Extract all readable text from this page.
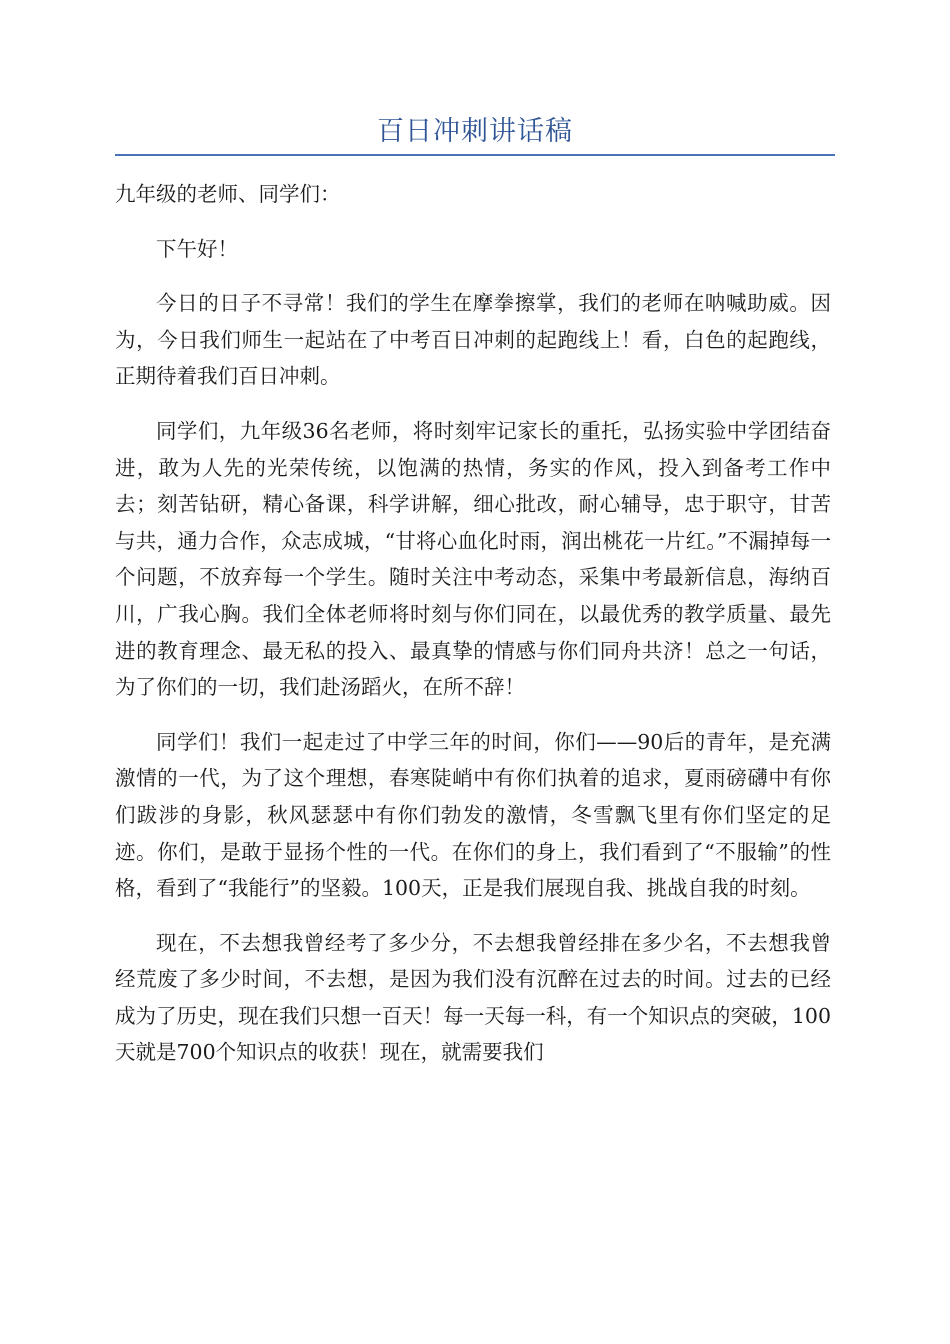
百日冲刺讲话稿

九年级的老师、同学们：

下午好！

今日的日子不寻常！我们的学生在摩拳擦掌，我们的老师在呐喊助威。因为，今日我们师生一起站在了中考百日冲刺的起跑线上！看，白色的起跑线，正期待着我们百日冲刺。

同学们，九年级36名老师，将时刻牢记家长的重托，弘扬实验中学团结奋进，敢为人先的光荣传统，以饱满的热情，务实的作风，投入到备考工作中去；刻苦钻研，精心备课，科学讲解，细心批改，耐心辅导，忠于职守，甘苦与共，通力合作，众志成城，“甘将心血化时雨，润出桃花一片红。”不漏掉每一个问题，不放弃每一个学生。随时关注中考动态，采集中考最新信息，海纳百川，广我心胸。我们全体老师将时刻与你们同在，以最优秀的教学质量、最先进的教育理念、最无私的投入、最真挚的情感与你们同舟共济！总之一句话，为了你们的一切，我们赴汤蹈火，在所不辞！

同学们！我们一起走过了中学三年的时间，你们——90后的青年，是充满激情的一代，为了这个理想，春寒陡峭中有你们执着的追求，夏雨磅礴中有你们跋涉的身影，秋风瑟瑟中有你们勃发的激情，冬雪飘飞里有你们坚定的足迹。你们，是敢于显扬个性的一代。在你们的身上，我们看到了“不服输”的性格，看到了“我能行”的坚毅。100天，正是我们展现自我、挑战自我的时刻。

现在，不去想我曾经考了多少分，不去想我曾经排在多少名，不去想我曾经荒废了多少时间，不去想，是因为我们没有沉醉在过去的时间。过去的已经成为了历史，现在我们只想一百天！每一天每一科，有一个知识点的突破，100天就是700个知识点的收获！现在，就需要我们
